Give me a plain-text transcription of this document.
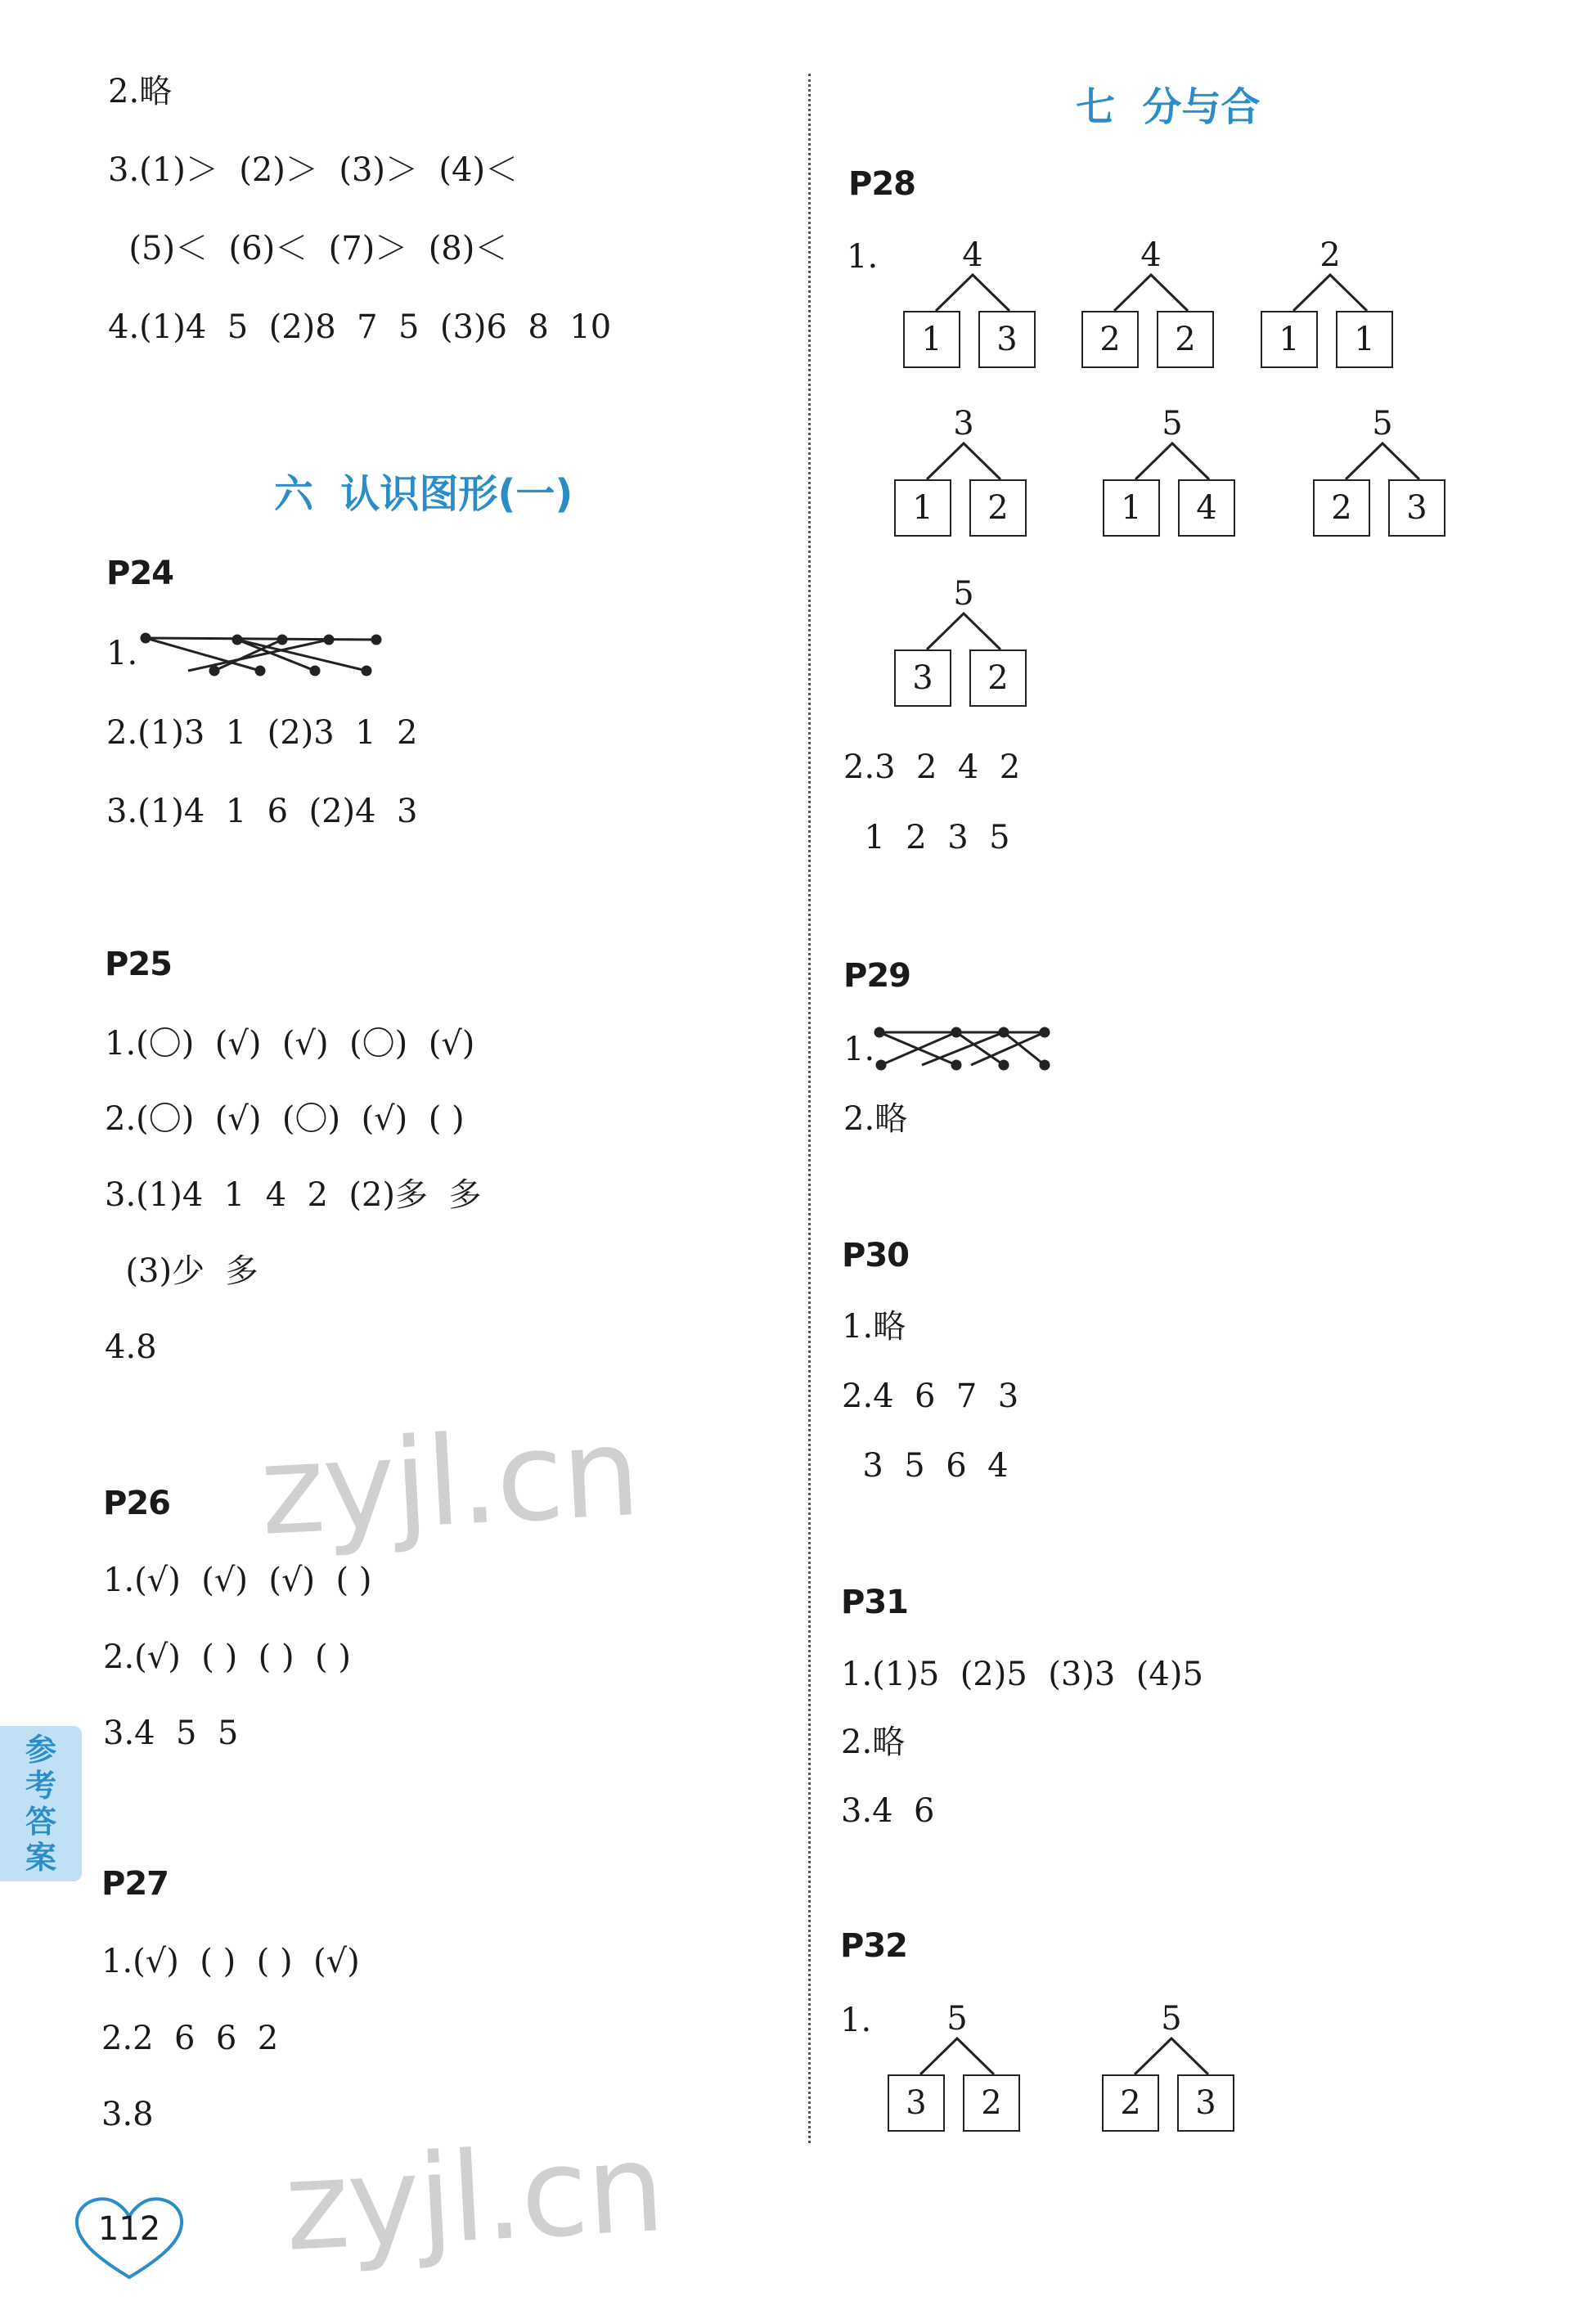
2.略
3.(1)＞  (2)＞  (3)＞  (4)＜
(5)＜  (6)＜  (7)＞  (8)＜
4.(1)4  5  (2)8  7  5  (3)6  8  10
六  认识图形(一)
P24
1.
2.(1)3  1  (2)3  1  2
3.(1)4  1  6  (2)4  3
P25
1.(〇)  (√)  (√)  (〇)  (√)
2.(〇)  (√)  (〇)  (√)  ( )
3.(1)4  1  4  2  (2)多  多
(3)少  多
4.8
P26
1.(√)  (√)  (√)  ( )
2.(√)  ( )  ( )  ( )
3.4  5  5
P27
1.(√)  ( )  ( )  (√)
2.2  6  6  2
3.8
七  分与合
P28
1.	4
1	3
4
2	2
2
1	1
3
1	2
5
1	4
5
2	3
5
3	2
2.3  2  4  2
1  2  3  5
P29
1.
2.略
P30
1.略
2.4  6  7  3
3  5  6  4
P31
1.(1)5  (2)5  (3)3  (4)5
2.略
3.4  6
P32
1.	5
3	2
5
2	3
参
考
答
案
zyjl.cn
zyjl.cn
112
